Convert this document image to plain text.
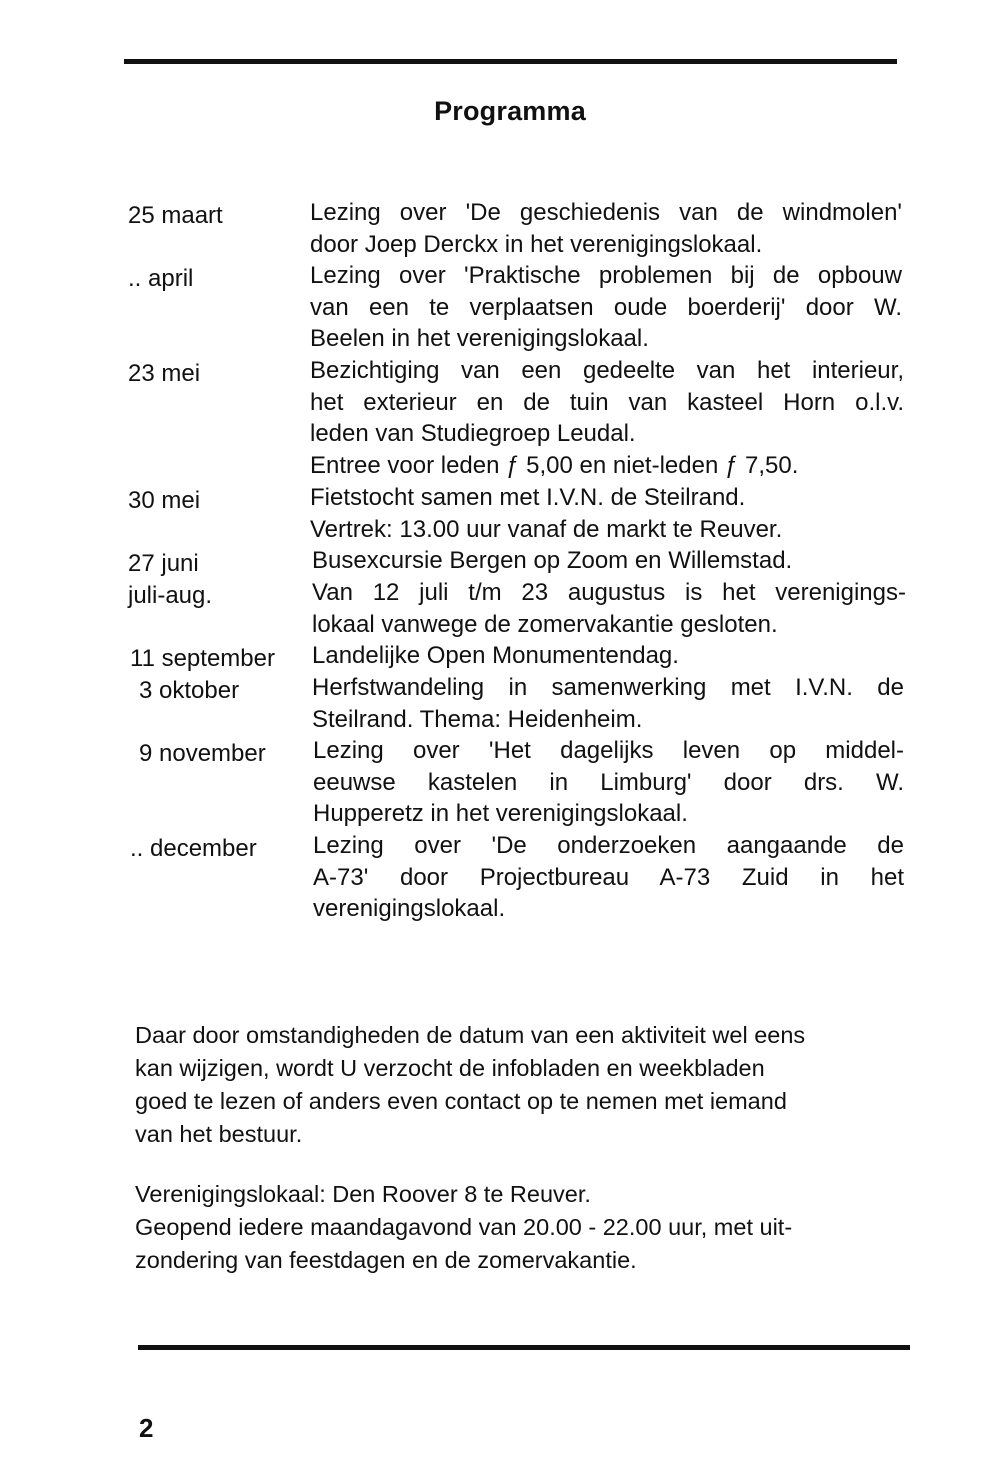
Programma
25 maart	Lezing over 'De geschiedenis van de windmolen'
door Joep Derckx in het verenigingslokaal.
.. april	Lezing over 'Praktische problemen bij de opbouw
van een te verplaatsen oude boerderij' door W.
Beelen in het verenigingslokaal.
23 mei	Bezichtiging van een gedeelte van het interieur,
het exterieur en de tuin van kasteel Horn o.l.v.
leden van Studiegroep Leudal.
Entree voor leden ƒ 5,00 en niet-leden ƒ 7,50.
30 mei	Fietstocht samen met I.V.N. de Steilrand.
Vertrek: 13.00 uur vanaf de markt te Reuver.
27 juni	Busexcursie Bergen op Zoom en Willemstad.
juli-aug.	Van 12 juli t/m 23 augustus is het verenigings-
lokaal vanwege de zomervakantie gesloten.
11 september Landelijke Open Monumentendag.
3 oktober	Herfstwandeling in samenwerking met I.V.N. de
Steilrand. Thema: Heidenheim.
9 november Lezing over 'Het dagelijks leven op middel-
eeuwse kastelen in Limburg' door drs. W.
Hupperetz in het verenigingslokaal.
.. december Lezing over 'De onderzoeken aangaande de
A-73' door Projectbureau A-73 Zuid in het
verenigingslokaal.
Daar door omstandigheden de datum van een aktiviteit wel eens
kan wijzigen, wordt U verzocht de infobladen en weekbladen
goed te lezen of anders even contact op te nemen met iemand
van het bestuur.
Verenigingslokaal: Den Roover 8 te Reuver.
Geopend iedere maandagavond van 20.00 - 22.00 uur, met uit-
zondering van feestdagen en de zomervakantie.
2
